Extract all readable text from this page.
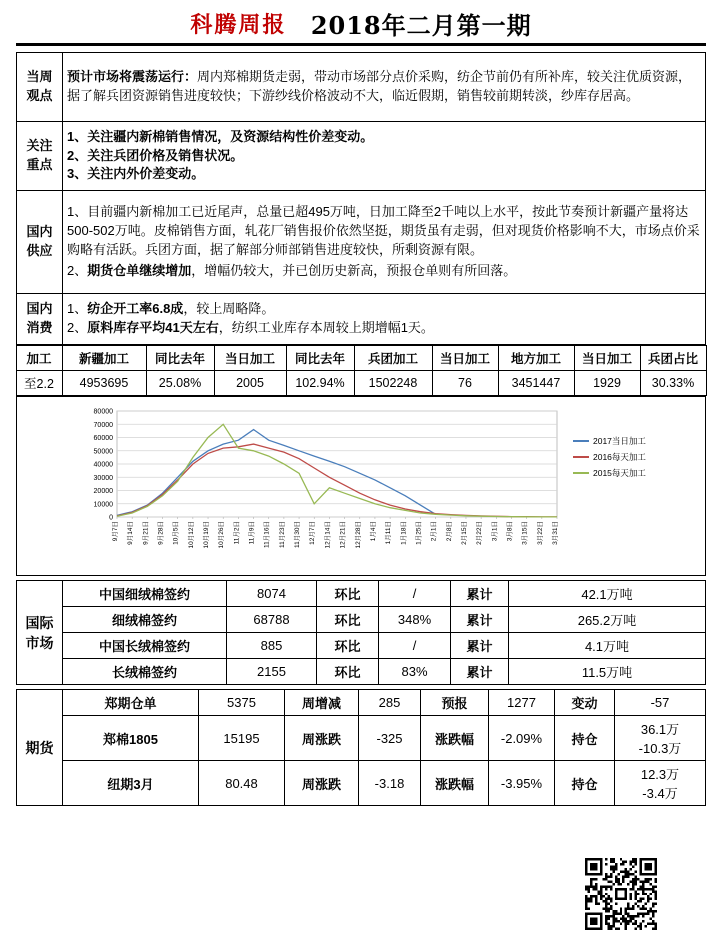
科腾周报 2018年二月第一期
当周
观点	预计市场将震荡运行：周内郑棉期货走弱，带动市场部分点价采购，纺企节前仍有所补库，较关注优质资源，据了解兵团资源销售进度较快；下游纱线价格波动不大，临近假期，销售较前期转淡，纱库存居高。

关注
重点	1、关注疆内新棉销售情况，及资源结构性价差变动。
2、关注兵团价格及销售状况。
3、关注内外价差变动。

国内
供应	1、目前疆内新棉加工已近尾声，总量已超495万吨，日加工降至2千吨以上水平，按此节奏预计新疆产量将达500-502万吨。皮棉销售方面，轧花厂销售报价依然坚挺，期货虽有走弱，但对现货价格影响不大，市场点价采购略有活跃。兵团方面，据了解部分师部销售进度较快，所剩资源有限。
2、期货仓单继续增加，增幅仍较大，并已创历史新高，预报仓单则有所回落。

国内
消费	1、纺企开工率6.8成，较上周略降。
2、原料库存平均41天左右，纺织工业库存本周较上期增幅1天。
加工	新疆加工	同比去年	当日加工	同比去年	兵团加工	当日加工	地方加工	当日加工	兵团占比
至2.2	4953695	25.08%	2005	102.94%	1502248	76	3451447	1929	30.33%
0
10000
20000
30000
40000
50000
60000
70000
80000
9月7日 9月14日 9月21日 9月28日 10月5日 10月12日 10月19日 10月26日 11月2日 11月9日 11月16日 11月23日 11月30日 12月7日 12月14日 12月21日 12月28日 1月4日 1月11日 1月18日 1月25日 2月1日 2月8日 2月15日 2月22日 3月1日 3月8日 3月15日 3月22日 3月31日
2017当日加工
2016每天加工
2015每天加工
国际
市场	中国细绒棉签约	8074	环比	/	累计	42.1万吨
	细绒棉签约	68788	环比	348%	累计	265.2万吨
	中国长绒棉签约	885	环比	/	累计	4.1万吨
	长绒棉签约	2155	环比	83%	累计	11.5万吨
期货	郑期仓单	5375	周增减	285	预报	1277	变动	-57
	郑棉1805	15195	周涨跌	-325	涨跌幅	-2.09%	持仓	36.1万
-10.3万

	纽期3月	80.48	周涨跌	-3.18	涨跌幅	-3.95%	持仓	12.3万
-3.4万
